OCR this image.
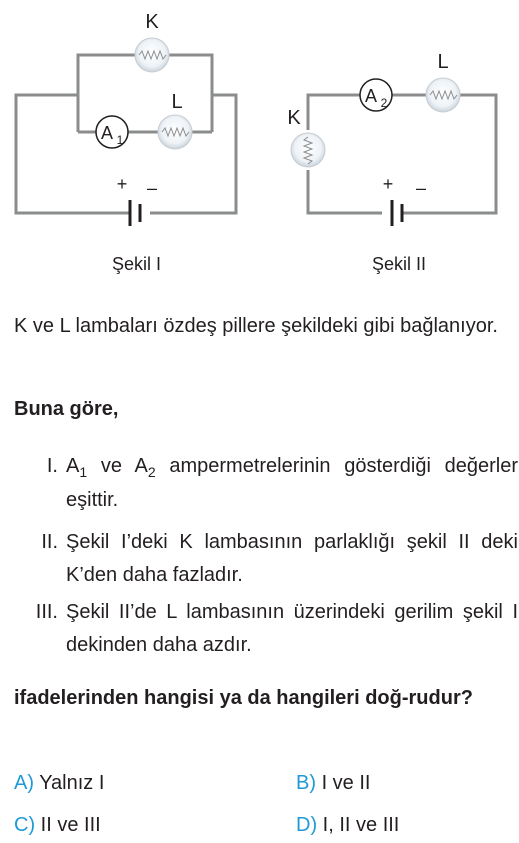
K
A 1
L
+ –
A 2
L
K
+ –
Şekil I	Şekil II
K ve L lambaları özdeş pillere şekildeki gibi bağlanıyor.
Buna göre,
I. $A_1$ ve $A_2$ ampermetrelerinin gösterdiği değerler eşittir.
II. Şekil I’deki K lambasının parlaklığı şekil II deki K’den daha fazladır.
III. Şekil II’de L lambasının üzerindeki gerilim şekil I dekinden daha azdır.
ifadelerinden hangisi ya da hangileri doğ-rudur?
A) Yalnız I	B) I ve II
C) II ve III	D) I, II ve III
